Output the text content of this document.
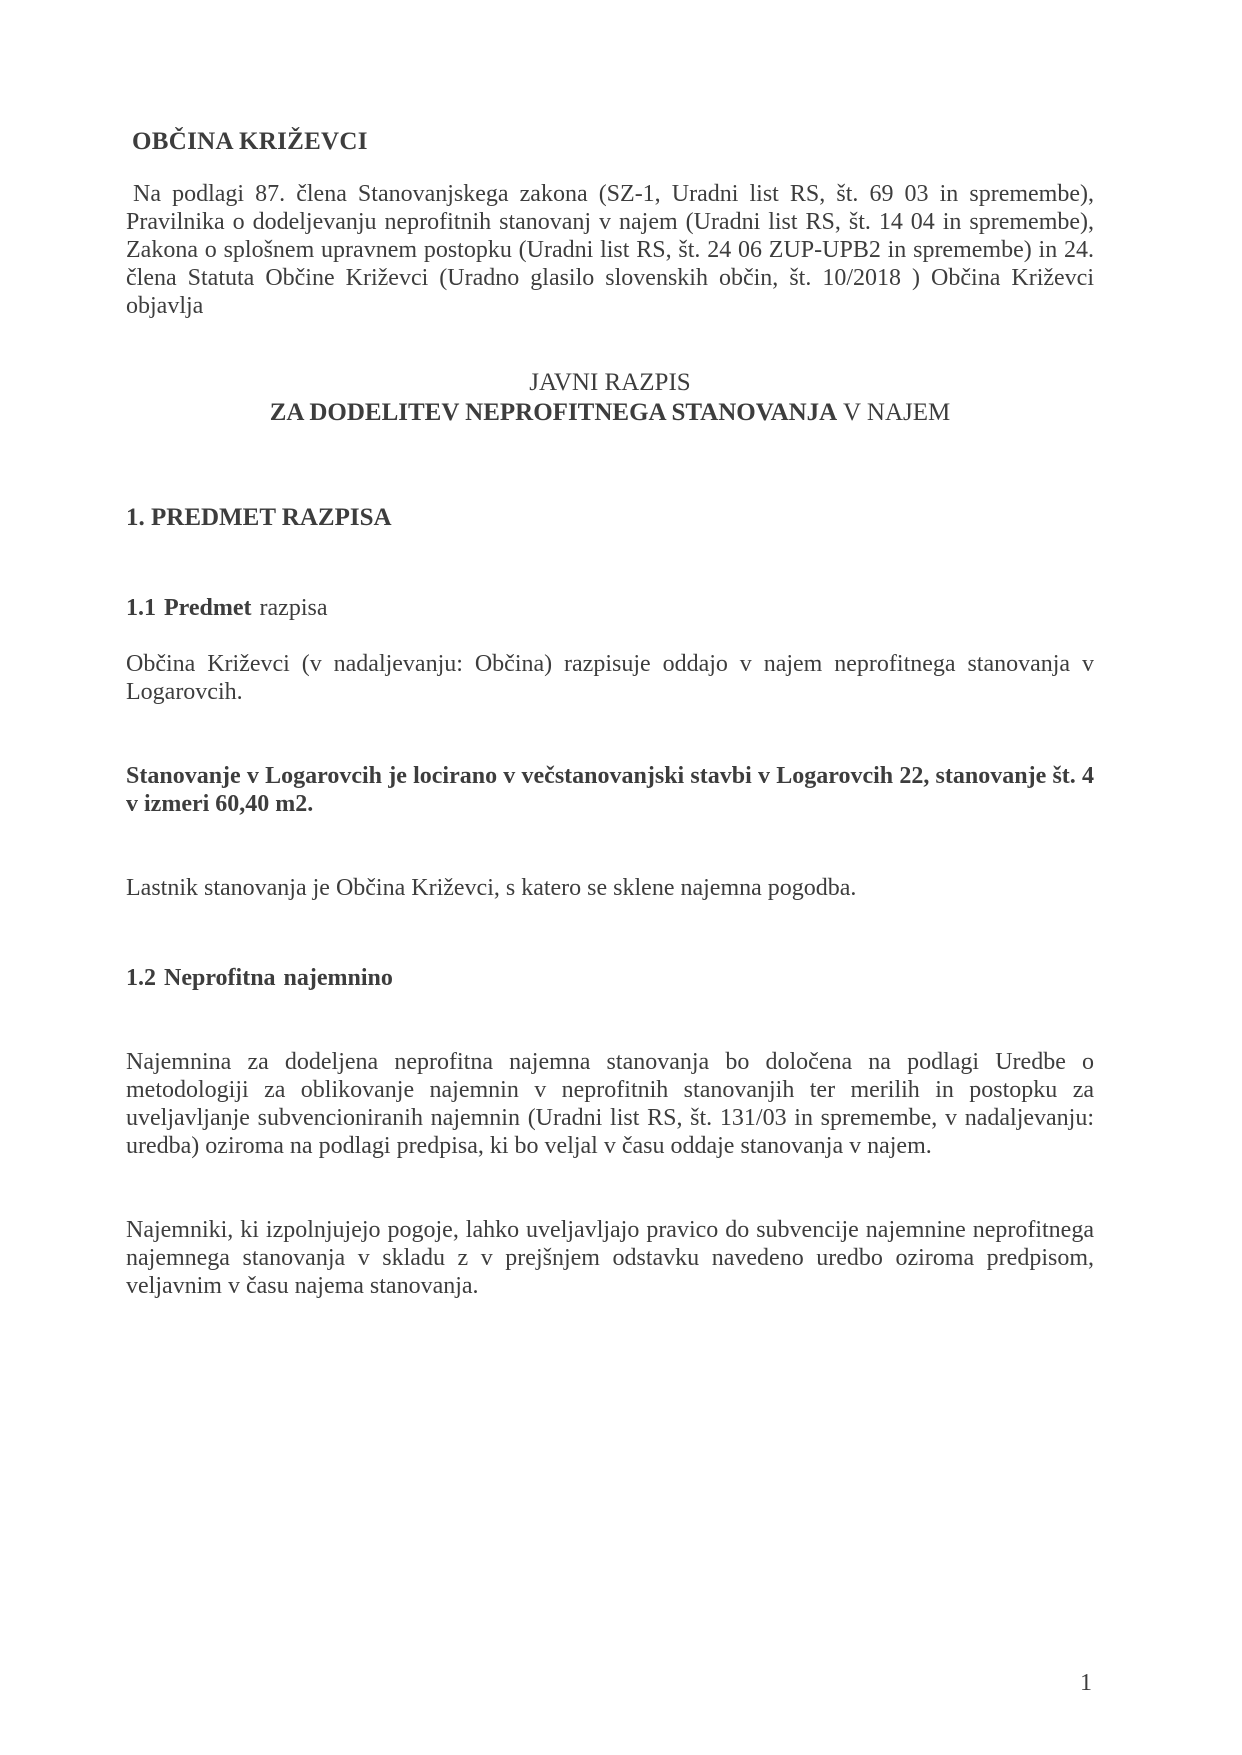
OBČINA KRIŽEVCI

Na podlagi 87. člena Stanovanjskega zakona (SZ-1, Uradni list RS, št. 69 03 in spremembe), Pravilnika o dodeljevanju neprofitnih stanovanj v najem (Uradni list RS, št. 14 04 in spremembe), Zakona o splošnem upravnem postopku (Uradni list RS, št. 24 06 ZUP-UPB2 in spremembe) in 24. člena Statuta Občine Križevci (Uradno glasilo slovenskih občin, št. 10/2018 ) Občina Križevci objavlja

JAVNI RAZPIS
ZA DODELITEV NEPROFITNEGA STANOVANJA V NAJEM

1. PREDMET RAZPISA

1.1 Predmet razpisa

Občina Križevci (v nadaljevanju: Občina) razpisuje oddajo v najem neprofitnega stanovanja v Logarovcih.

Stanovanje v Logarovcih je locirano v večstanovanjski stavbi v Logarovcih 22, stanovanje št. 4 v izmeri 60,40 m2.

Lastnik stanovanja je Občina Križevci, s katero se sklene najemna pogodba.

1.2 Neprofitna najemnino

Najemnina za dodeljena neprofitna najemna stanovanja bo določena na podlagi Uredbe o metodologiji za oblikovanje najemnin v neprofitnih stanovanjih ter merilih in postopku za uveljavljanje subvencioniranih najemnin (Uradni list RS, št. 131/03 in spremembe, v nadaljevanju: uredba) oziroma na podlagi predpisa, ki bo veljal v času oddaje stanovanja v najem.

Najemniki, ki izpolnjujejo pogoje, lahko uveljavljajo pravico do subvencije najemnine neprofitnega najemnega stanovanja v skladu z v prejšnjem odstavku navedeno uredbo oziroma predpisom, veljavnim v času najema stanovanja.

1
